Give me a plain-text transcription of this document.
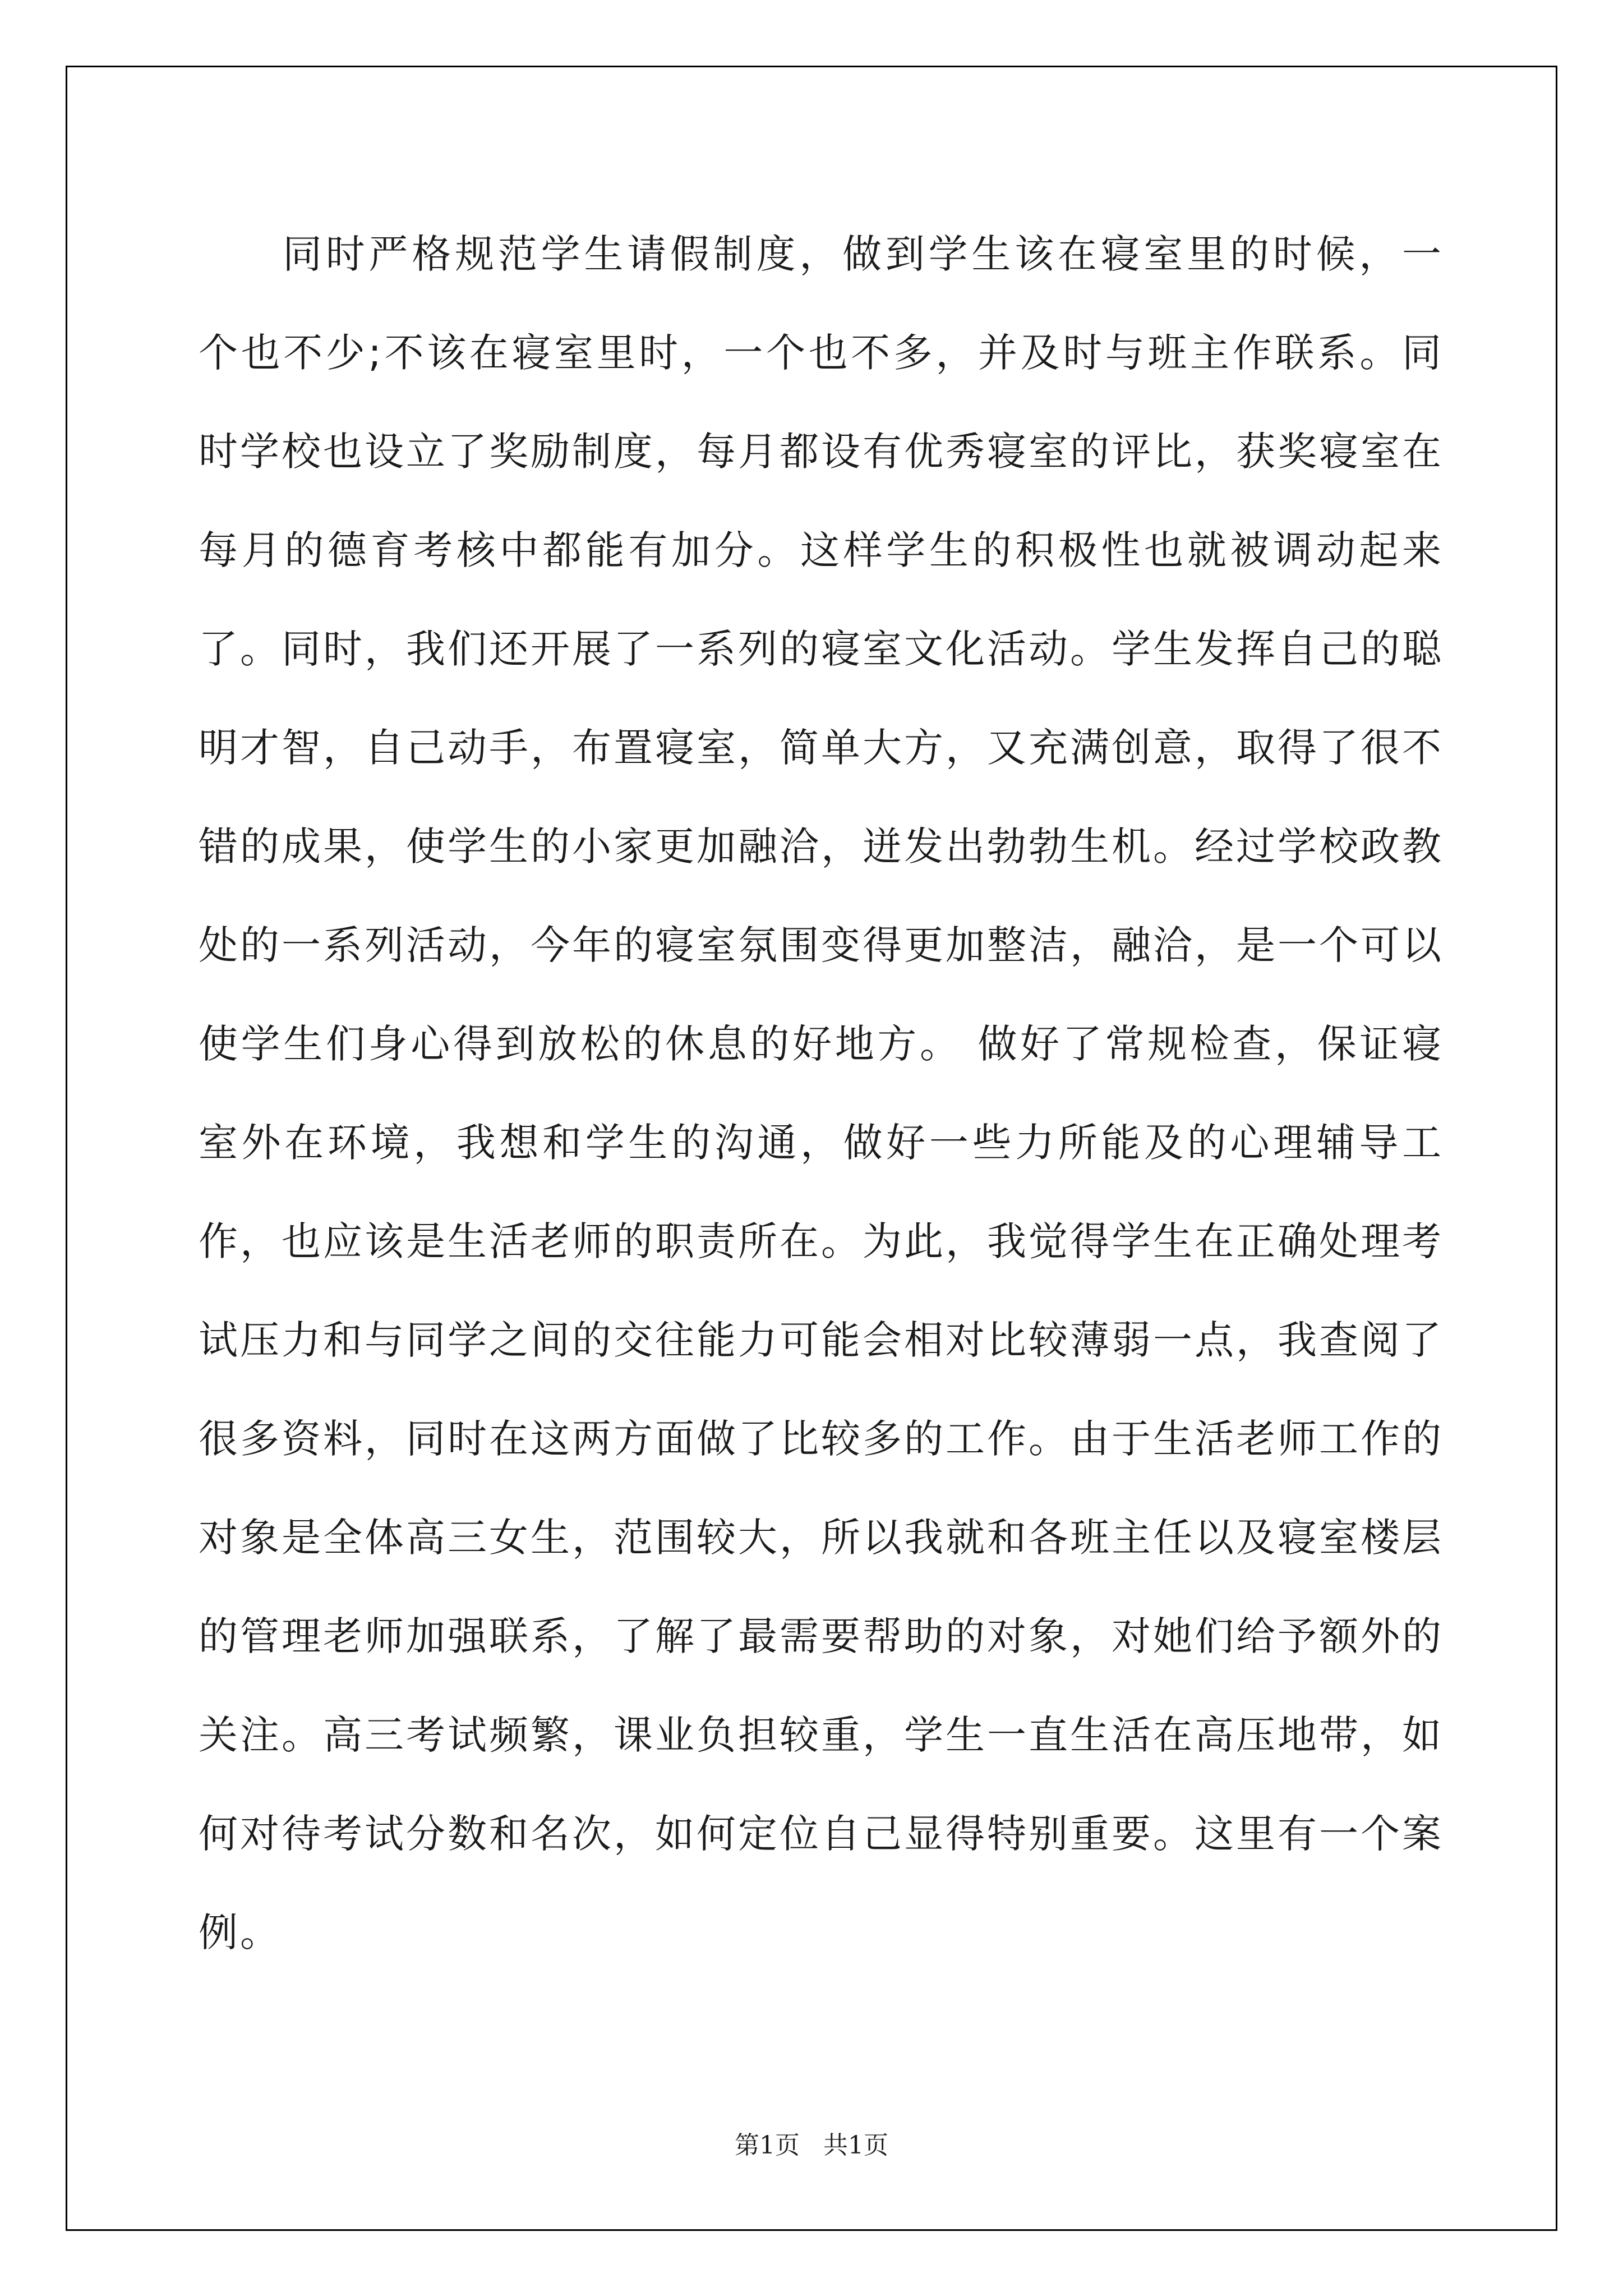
同时严格规范学生请假制度，做到学生该在寝室里的时候，一个也不少;不该在寝室里时，一个也不多，并及时与班主作联系。同时学校也设立了奖励制度，每月都设有优秀寝室的评比，获奖寝室在每月的德育考核中都能有加分。这样学生的积极性也就被调动起来了。同时，我们还开展了一系列的寝室文化活动。学生发挥自己的聪明才智，自己动手，布置寝室，简单大方，又充满创意，取得了很不错的成果，使学生的小家更加融洽，迸发出勃勃生机。经过学校政教处的一系列活动，今年的寝室氛围变得更加整洁，融洽，是一个可以使学生们身心得到放松的休息的好地方。 做好了常规检查，保证寝室外在环境，我想和学生的沟通，做好一些力所能及的心理辅导工作，也应该是生活老师的职责所在。为此，我觉得学生在正确处理考试压力和与同学之间的交往能力可能会相对比较薄弱一点，我查阅了很多资料，同时在这两方面做了比较多的工作。由于生活老师工作的对象是全体高三女生，范围较大，所以我就和各班主任以及寝室楼层的管理老师加强联系，了解了最需要帮助的对象，对她们给予额外的关注。高三考试频繁，课业负担较重，学生一直生活在高压地带，如何对待考试分数和名次，如何定位自己显得特别重要。这里有一个案例。

第1页   共1页
